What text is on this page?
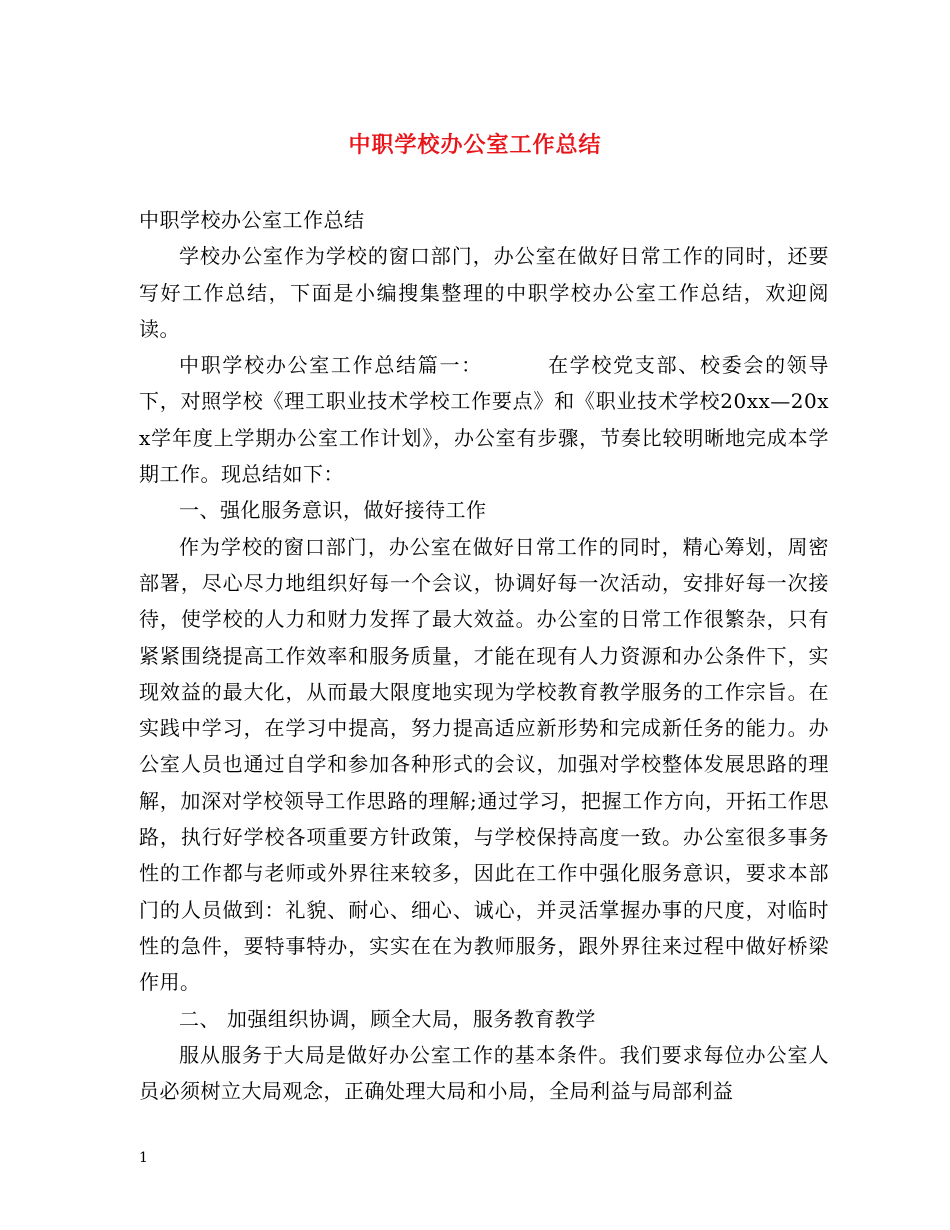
中职学校办公室工作总结

中职学校办公室工作总结

学校办公室作为学校的窗口部门，办公室在做好日常工作的同时，还要写好工作总结，下面是小编搜集整理的中职学校办公室工作总结，欢迎阅读。

中职学校办公室工作总结篇一：	在学校党支部、校委会的领导下，对照学校《理工职业技术学校工作要点》和《职业技术学校20xx—20xx学年度上学期办公室工作计划》，办公室有步骤，节奏比较明晰地完成本学期工作。现总结如下：

一、强化服务意识，做好接待工作

作为学校的窗口部门，办公室在做好日常工作的同时，精心筹划，周密部署，尽心尽力地组织好每一个会议，协调好每一次活动，安排好每一次接待，使学校的人力和财力发挥了最大效益。办公室的日常工作很繁杂，只有紧紧围绕提高工作效率和服务质量，才能在现有人力资源和办公条件下，实现效益的最大化，从而最大限度地实现为学校教育教学服务的工作宗旨。在实践中学习，在学习中提高，努力提高适应新形势和完成新任务的能力。办公室人员也通过自学和参加各种形式的会议，加强对学校整体发展思路的理解，加深对学校领导工作思路的理解;通过学习，把握工作方向，开拓工作思路，执行好学校各项重要方针政策，与学校保持高度一致。办公室很多事务性的工作都与老师或外界往来较多，因此在工作中强化服务意识，要求本部门的人员做到：礼貌、耐心、细心、诚心，并灵活掌握办事的尺度，对临时性的急件，要特事特办，实实在在为教师服务，跟外界往来过程中做好桥梁作用。

二、 加强组织协调，顾全大局，服务教育教学

服从服务于大局是做好办公室工作的基本条件。我们要求每位办公室人员必须树立大局观念，正确处理大局和小局，全局利益与局部利益

1
